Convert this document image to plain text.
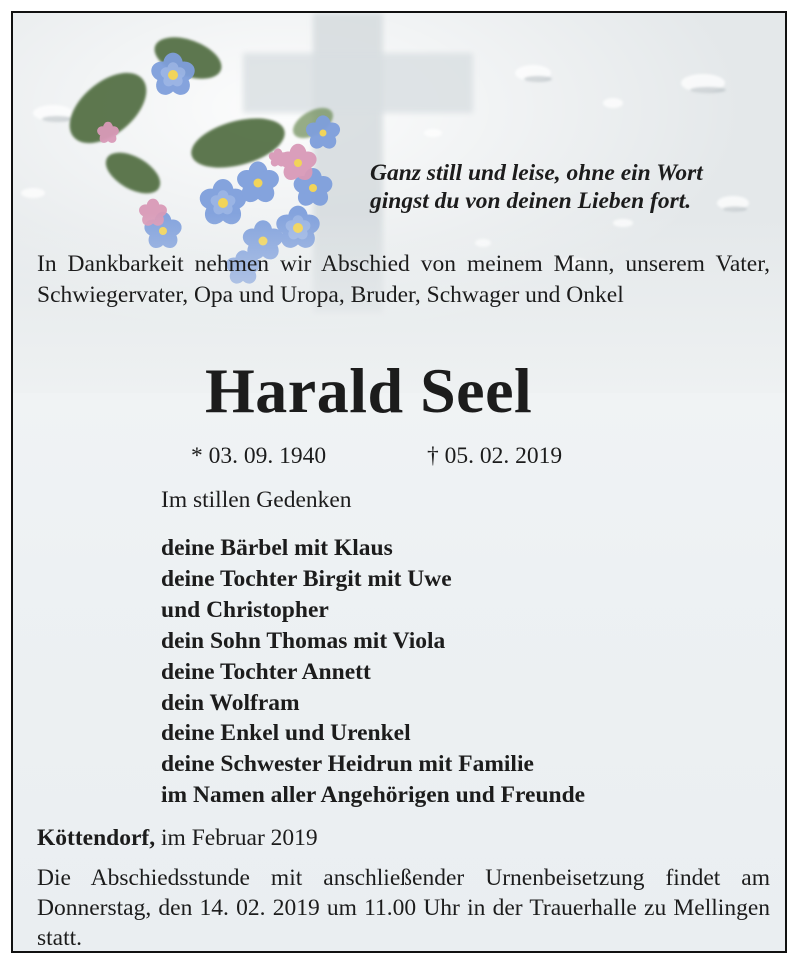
Ganz still und leise, ohne ein Wort
gingst du von deinen Lieben fort.
In Dankbarkeit nehmen wir Abschied von meinem Mann, unserem Vater, Schwiegervater, Opa und Uropa, Bruder, Schwager und Onkel
Harald Seel
* 03. 09. 1940	† 05. 02. 2019
Im stillen Gedenken
deine Bärbel mit Klaus
deine Tochter Birgit mit Uwe
und Christopher
dein Sohn Thomas mit Viola
deine Tochter Annett
dein Wolfram
deine Enkel und Urenkel
deine Schwester Heidrun mit Familie
im Namen aller Angehörigen und Freunde
Köttendorf, im Februar 2019
Die Abschiedsstunde mit anschließender Urnenbeisetzung findet am Donnerstag, den 14. 02. 2019 um 11.00 Uhr in der Trauerhalle zu Mellingen statt.
